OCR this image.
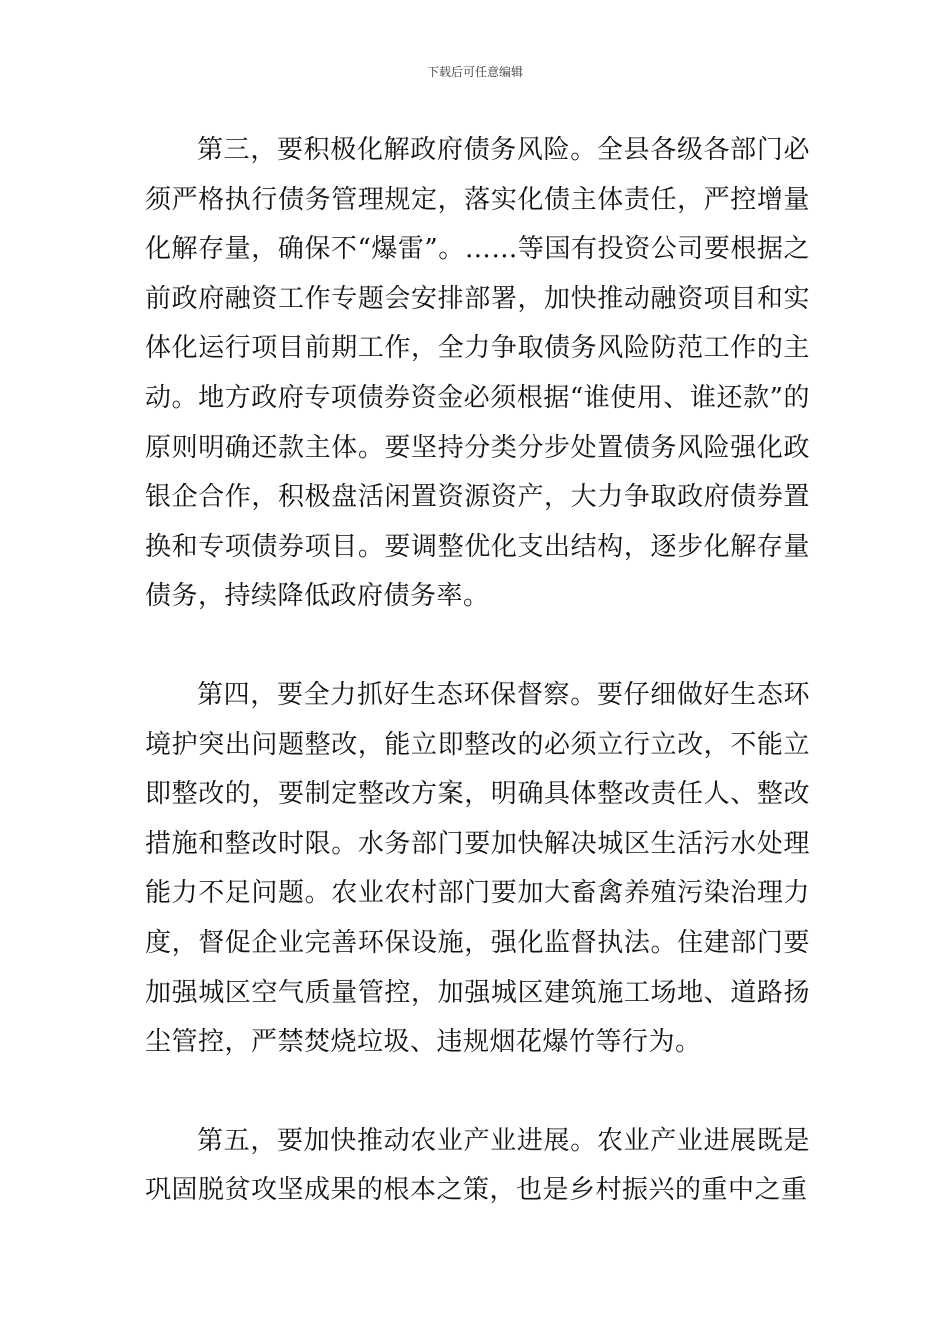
下载后可任意编辑

第三，要积极化解政府债务风险。全县各级各部门必须严格执行债务管理规定，落实化债主体责任，严控增量化解存量，确保不“爆雷”。……等国有投资公司要根据之前政府融资工作专题会安排部署，加快推动融资项目和实体化运行项目前期工作，全力争取债务风险防范工作的主动。地方政府专项债券资金必须根据“谁使用、谁还款”的原则明确还款主体。要坚持分类分步处置债务风险强化政银企合作，积极盘活闲置资源资产，大力争取政府债券置换和专项债券项目。要调整优化支出结构，逐步化解存量债务，持续降低政府债务率。

第四，要全力抓好生态环保督察。要仔细做好生态环境护突出问题整改，能立即整改的必须立行立改，不能立即整改的，要制定整改方案，明确具体整改责任人、整改措施和整改时限。水务部门要加快解决城区生活污水处理能力不足问题。农业农村部门要加大畜禽养殖污染治理力度，督促企业完善环保设施，强化监督执法。住建部门要加强城区空气质量管控，加强城区建筑施工场地、道路扬尘管控，严禁焚烧垃圾、违规烟花爆竹等行为。

第五，要加快推动农业产业进展。农业产业进展既是巩固脱贫攻坚成果的根本之策，也是乡村振兴的重中之重
